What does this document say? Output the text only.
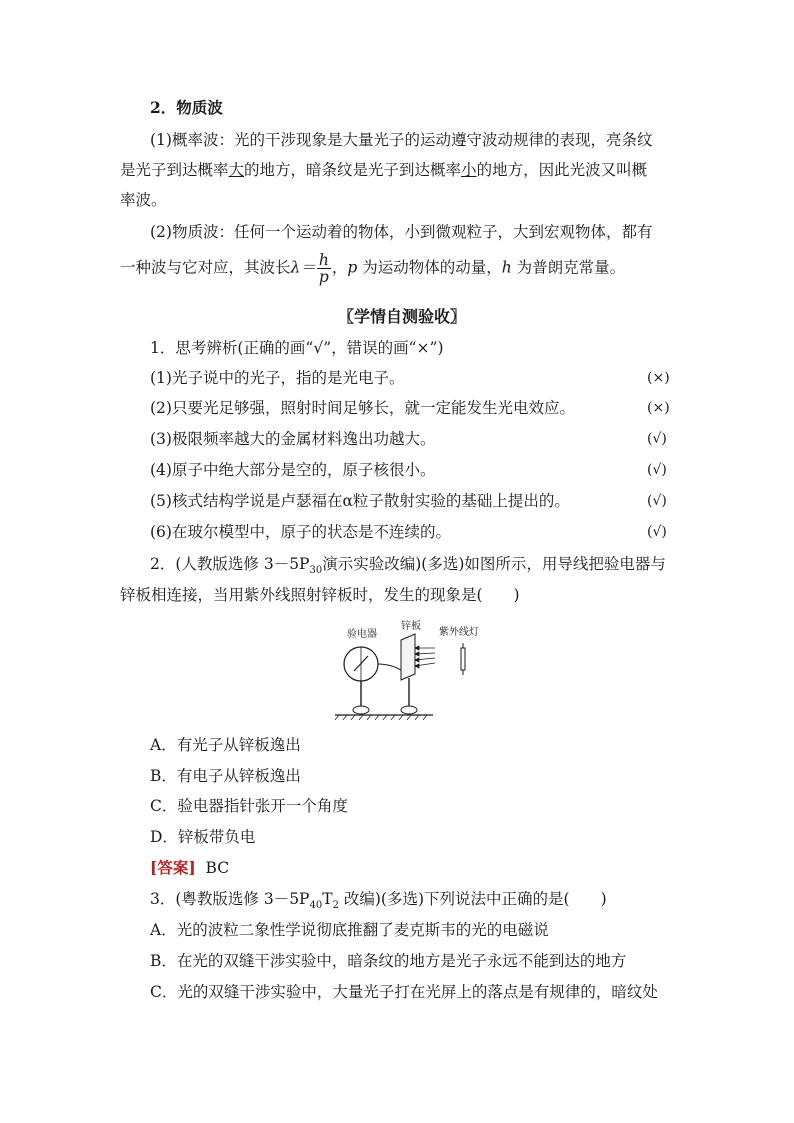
2．物质波
(1)概率波：光的干涉现象是大量光子的运动遵守波动规律的表现，亮条纹
是光子到达概率大的地方，暗条纹是光子到达概率小的地方，因此光波又叫概
率波。
(2)物质波：任何一个运动着的物体，小到微观粒子，大到宏观物体，都有
一种波与它对应，其波长$\lambda= \frac{h}{p}$ ，p 为运动物体的动量，h 为普朗克常量。
〖学情自测验收〗
1．思考辨析(正确的画“√”，错误的画“×”)
(1)光子说中的光子，指的是光电子。	(×)
(2)只要光足够强，照射时间足够长，就一定能发生光电效应。	(×)
(3)极限频率越大的金属材料逸出功越大。	(√)
(4)原子中绝大部分是空的，原子核很小。	(√)
(5)核式结构学说是卢瑟福在α粒子散射实验的基础上提出的。	(√)
(6)在玻尔模型中，原子的状态是不连续的。	(√)
2．(人教版选修 $3-5P_{30}$演示实验改编)(多选)如图所示，用导线把验电器与
锌板相连接，当用紫外线照射锌板时，发生的现象是(　　)
验电器
锌板
紫外线灯
A．有光子从锌板逸出
B．有电子从锌板逸出
C．验电器指针张开一个角度
D．锌板带负电
[答案] BC
3．(粤教版选修 $3-5P_{40}T_2$ 改编)(多选)下列说法中正确的是(　　)
A．光的波粒二象性学说彻底推翻了麦克斯韦的光的电磁说
B．在光的双缝干涉实验中，暗条纹的地方是光子永远不能到达的地方
C．光的双缝干涉实验中，大量光子打在光屏上的落点是有规律的，暗纹处
